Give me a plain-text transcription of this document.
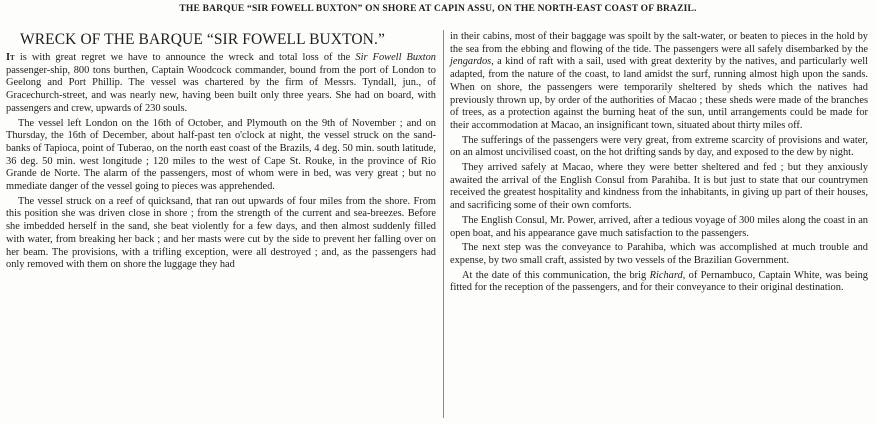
THE BARQUE “SIR FOWELL BUXTON” ON SHORE AT CAPIN ASSU, ON THE NORTH-EAST COAST OF BRAZIL.
WRECK OF THE BARQUE “SIR FOWELL BUXTON.”

It is with great regret we have to announce the wreck and total loss of the Sir Fowell Buxton passenger-ship, 800 tons burthen, Captain Woodcock commander, bound from the port of London to Geelong and Port Phillip. The vessel was chartered by the firm of Messrs. Tyndall, jun., of Gracechurch-street, and was nearly new, having been built only three years. She had on board, with passengers and crew, upwards of 230 souls.

The vessel left London on the 16th of October, and Plymouth on the 9th of November ; and on Thursday, the 16th of December, about half-past ten o'clock at night, the vessel struck on the sand-banks of Tapioca, point of Tuberao, on the north east coast of the Brazils, 4 deg. 50 min. south latitude, 36 deg. 50 min. west longitude ; 120 miles to the west of Cape St. Rouke, in the province of Rio Grande de Norte. The alarm of the passengers, most of whom were in bed, was very great ; but no mmediate danger of the vessel going to pieces was apprehended.

The vessel struck on a reef of quicksand, that ran out upwards of four miles from the shore. From this position she was driven close in shore ; from the strength of the current and sea-breezes. Before she imbedded herself in the sand, she beat violently for a few days, and then almost suddenly filled with water, from breaking her back ; and her masts were cut by the side to prevent her falling over on her beam. The provisions, with a trifling exception, were all destroyed ; and, as the passengers had only removed with them on shore the luggage they had

in their cabins, most of their baggage was spoilt by the salt-water, or beaten to pieces in the hold by the sea from the ebbing and flowing of the tide. The passengers were all safely disembarked by the jengardos, a kind of raft with a sail, used with great dexterity by the natives, and particularly well adapted, from the nature of the coast, to land amidst the surf, running almost high upon the sands. When on shore, the passengers were temporarily sheltered by sheds which the natives had previously thrown up, by order of the authorities of Macao ; these sheds were made of the branches of trees, as a protection against the burning heat of the sun, until arrangements could be made for their accommodation at Macao, an insignificant town, situated about thirty miles off.

The sufferings of the passengers were very great, from extreme scarcity of provisions and water, on an almost uncivilised coast, on the hot drifting sands by day, and exposed to the dew by night.

They arrived safely at Macao, where they were better sheltered and fed ; but they anxiously awaited the arrival of the English Consul from Parahiba. It is but just to state that our countrymen received the greatest hospitality and kindness from the inhabitants, in giving up part of their houses, and sacrificing some of their own comforts.

The English Consul, Mr. Power, arrived, after a tedious voyage of 300 miles along the coast in an open boat, and his appearance gave much satisfaction to the passengers.

The next step was the conveyance to Parahiba, which was accomplished at much trouble and expense, by two small craft, assisted by two vessels of the Brazilian Government.

At the date of this communication, the brig Richard, of Pernambuco, Captain White, was being fitted for the reception of the passengers, and for their conveyance to their original destination.
